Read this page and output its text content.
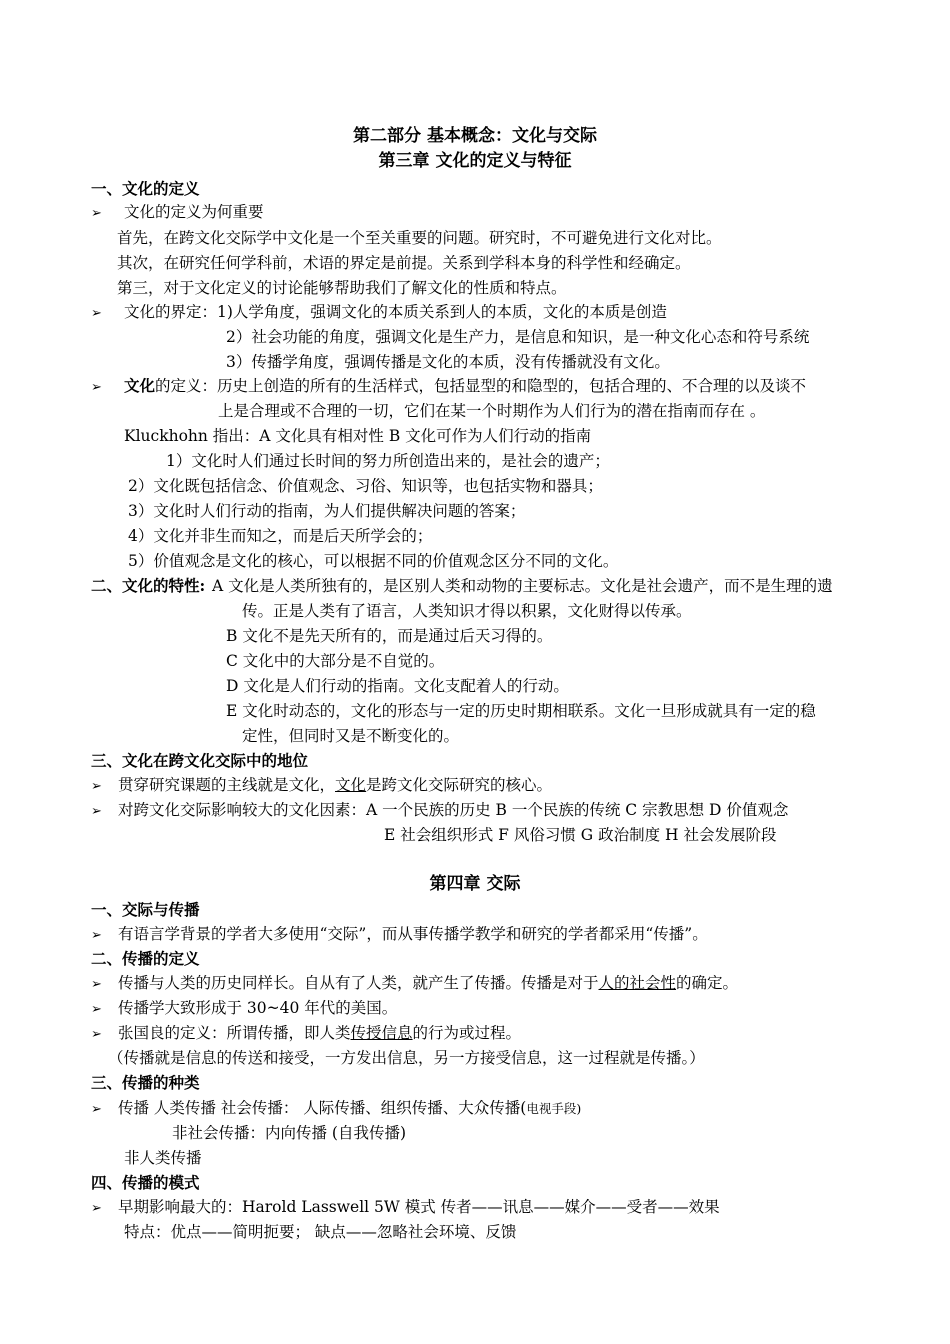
第二部分 基本概念：文化与交际
第三章 文化的定义与特征
一、文化的定义
➢ 文化的定义为何重要
首先，在跨文化交际学中文化是一个至关重要的问题。研究时，不可避免进行文化对比。
其次，在研究任何学科前，术语的界定是前提。关系到学科本身的科学性和经确定。
第三，对于文化定义的讨论能够帮助我们了解文化的性质和特点。
➢ 文化的界定：1)人学角度，强调文化的本质关系到人的本质，文化的本质是创造
2）社会功能的角度，强调文化是生产力，是信息和知识，是一种文化心态和符号系统
3）传播学角度，强调传播是文化的本质，没有传播就没有文化。
➢ 文化的定义：历史上创造的所有的生活样式，包括显型的和隐型的，包括合理的、不合理的以及谈不
上是合理或不合理的一切，它们在某一个时期作为人们行为的潜在指南而存在 。
Kluckhohn 指出：A 文化具有相对性 B 文化可作为人们行动的指南
1）文化时人们通过长时间的努力所创造出来的，是社会的遗产；
2）文化既包括信念、价值观念、习俗、知识等，也包括实物和器具；
3）文化时人们行动的指南，为人们提供解决问题的答案；
4）文化并非生而知之，而是后天所学会的；
5）价值观念是文化的核心，可以根据不同的价值观念区分不同的文化。
二、文化的特性: A 文化是人类所独有的，是区别人类和动物的主要标志。文化是社会遗产，而不是生理的遗
传。正是人类有了语言，人类知识才得以积累，文化财得以传承。
B 文化不是先天所有的，而是通过后天习得的。
C 文化中的大部分是不自觉的。
D 文化是人们行动的指南。文化支配着人的行动。
E 文化时动态的，文化的形态与一定的历史时期相联系。文化一旦形成就具有一定的稳
定性，但同时又是不断变化的。
三、文化在跨文化交际中的地位
➢ 贯穿研究课题的主线就是文化，文化是跨文化交际研究的核心。
➢ 对跨文化交际影响较大的文化因素：A 一个民族的历史 B 一个民族的传统 C 宗教思想 D 价值观念
E 社会组织形式 F 风俗习惯 G 政治制度 H 社会发展阶段
第四章 交际
一、交际与传播
➢ 有语言学背景的学者大多使用“交际”，而从事传播学教学和研究的学者都采用“传播”。
二、传播的定义
➢ 传播与人类的历史同样长。自从有了人类，就产生了传播。传播是对于人的社会性的确定。
➢ 传播学大致形成于 30~40 年代的美国。
➢ 张国良的定义：所谓传播，即人类传授信息的行为或过程。
（传播就是信息的传送和接受，一方发出信息，另一方接受信息，这一过程就是传播。）
三、传播的种类
➢ 传播 人类传播 社会传播： 人际传播、组织传播、大众传播(电视手段)
非社会传播：内向传播 (自我传播)
非人类传播
四、传播的模式
➢ 早期影响最大的：Harold Lasswell 5W 模式 传者——讯息——媒介——受者——效果
特点：优点——简明扼要； 缺点——忽略社会环境、反馈
